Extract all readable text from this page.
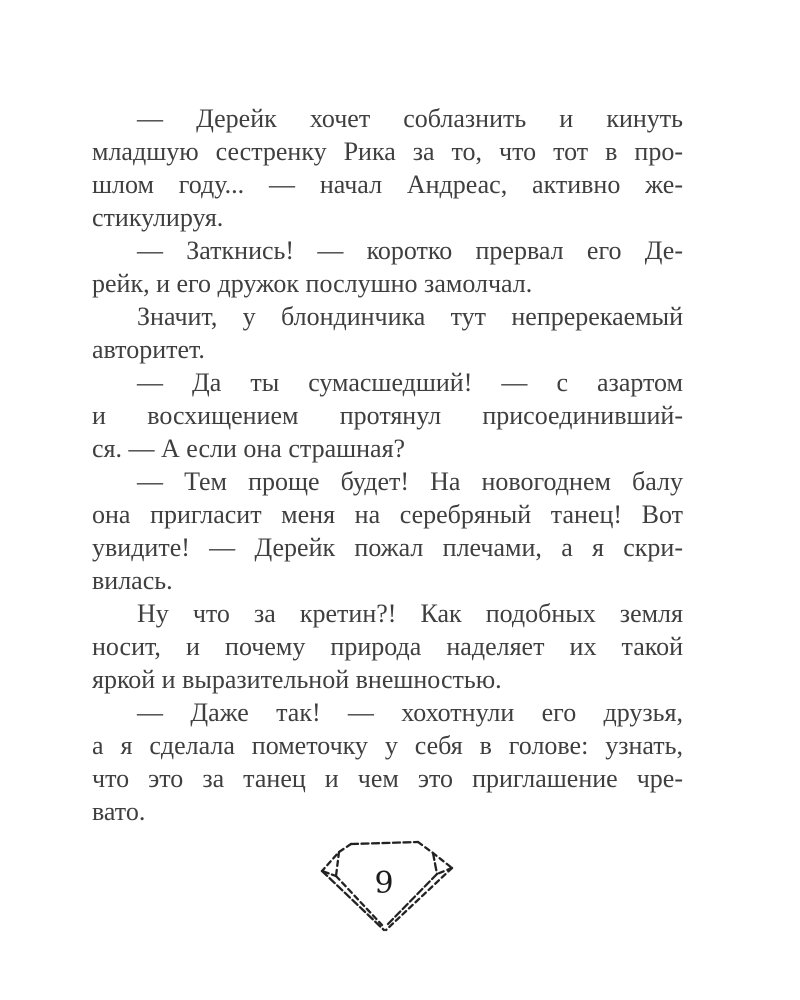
— Дерейк хочет соблазнить и кинуть
младшую сестренку Рика за то, что тот в про-
шлом году... — начал Андреас, активно же-
стикулируя.
— Заткнись! — коротко прервал его Де-
рейк, и его дружок послушно замолчал.
Значит, у блондинчика тут непререкаемый
авторитет.
— Да ты сумасшедший! — с азартом
и восхищением протянул присоединивший-
ся. — А если она страшная?
— Тем проще будет! На новогоднем балу
она пригласит меня на серебряный танец! Вот
увидите! — Дерейк пожал плечами, а я скри-
вилась.
Ну что за кретин?! Как подобных земля
носит, и почему природа наделяет их такой
яркой и выразительной внешностью.
— Даже так! — хохотнули его друзья,
а я сделала пометочку у себя в голове: узнать,
что это за танец и чем это приглашение чре-
вато.
9
